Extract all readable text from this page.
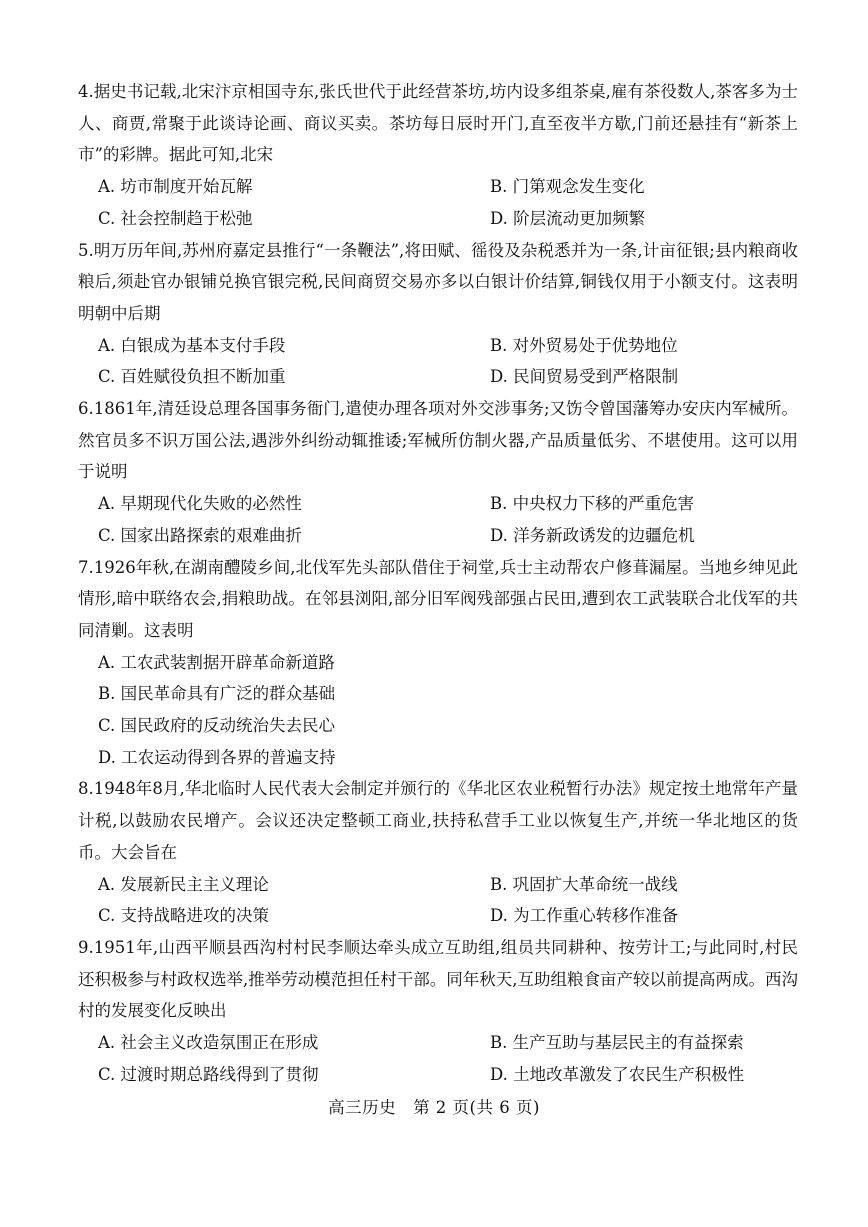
4.据史书记载,北宋汴京相国寺东,张氏世代于此经营茶坊,坊内设多组茶桌,雇有茶役数人,茶客多为士人、商贾,常聚于此谈诗论画、商议买卖。茶坊每日辰时开门,直至夜半方歇,门前还悬挂有“新茶上市”的彩牌。据此可知,北宋

A. 坊市制度开始瓦解	B. 门第观念发生变化

C. 社会控制趋于松弛	D. 阶层流动更加频繁

5.明万历年间,苏州府嘉定县推行“一条鞭法”,将田赋、徭役及杂税悉并为一条,计亩征银;县内粮商收粮后,须赴官办银铺兑换官银完税,民间商贸交易亦多以白银计价结算,铜钱仅用于小额支付。这表明明朝中后期

A. 白银成为基本支付手段	B. 对外贸易处于优势地位

C. 百姓赋役负担不断加重	D. 民间贸易受到严格限制

6.1861年,清廷设总理各国事务衙门,遣使办理各项对外交涉事务;又饬令曾国藩筹办安庆内军械所。然官员多不识万国公法,遇涉外纠纷动辄推诿;军械所仿制火器,产品质量低劣、不堪使用。这可以用于说明

A. 早期现代化失败的必然性	B. 中央权力下移的严重危害

C. 国家出路探索的艰难曲折	D. 洋务新政诱发的边疆危机

7.1926年秋,在湖南醴陵乡间,北伐军先头部队借住于祠堂,兵士主动帮农户修葺漏屋。当地乡绅见此情形,暗中联络农会,捐粮助战。在邻县浏阳,部分旧军阀残部强占民田,遭到农工武装联合北伐军的共同清剿。这表明

A. 工农武装割据开辟革命新道路

B. 国民革命具有广泛的群众基础

C. 国民政府的反动统治失去民心

D. 工农运动得到各界的普遍支持

8.1948年8月,华北临时人民代表大会制定并颁行的《华北区农业税暂行办法》规定按土地常年产量计税,以鼓励农民增产。会议还决定整顿工商业,扶持私营手工业以恢复生产,并统一华北地区的货币。大会旨在

A. 发展新民主主义理论	B. 巩固扩大革命统一战线

C. 支持战略进攻的决策	D. 为工作重心转移作准备

9.1951年,山西平顺县西沟村村民李顺达牵头成立互助组,组员共同耕种、按劳计工;与此同时,村民还积极参与村政权选举,推举劳动模范担任村干部。同年秋天,互助组粮食亩产较以前提高两成。西沟村的发展变化反映出

A. 社会主义改造氛围正在形成	B. 生产互助与基层民主的有益探索

C. 过渡时期总路线得到了贯彻	D. 土地改革激发了农民生产积极性

高三历史　第 2 页(共 6 页)
